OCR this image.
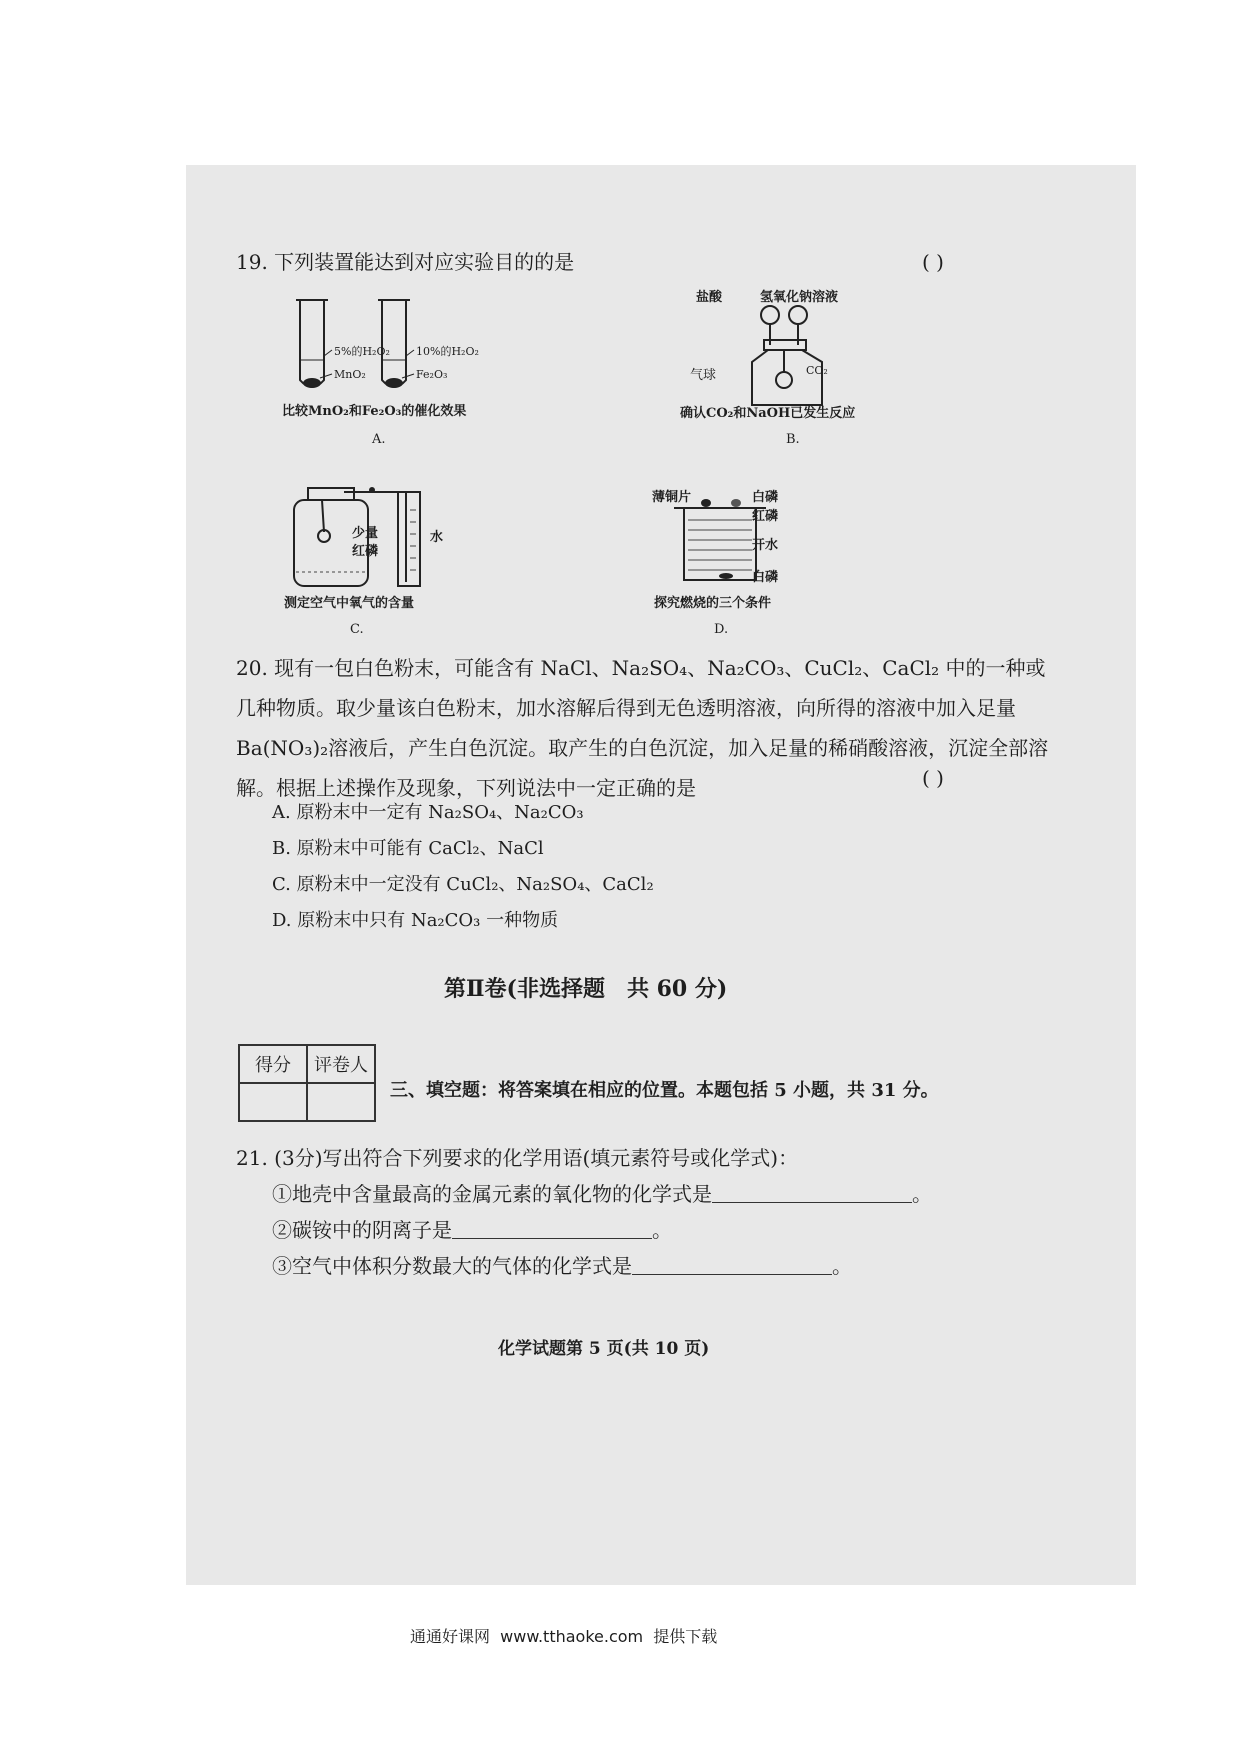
19. 下列装置能达到对应实验目的的是	( )
5%的H₂O₂
MnO₂
10%的H₂O₂
Fe₂O₃
比较MnO₂和Fe₂O₃的催化效果
A.
盐酸	氢氧化钠溶液
气球	CO₂
确认CO₂和NaOH已发生反应
B.
少量
红磷
水
测定空气中氧气的含量
C.
薄铜片	白磷
红磷
开水
白磷
探究燃烧的三个条件
D.
20. 现有一包白色粉末，可能含有 NaCl、Na₂SO₄、Na₂CO₃、CuCl₂、CaCl₂ 中的一种或几种物质。取少量该白色粉末，加水溶解后得到无色透明溶液，向所得的溶液中加入足量Ba(NO₃)₂溶液后，产生白色沉淀。取产生的白色沉淀，加入足量的稀硝酸溶液，沉淀全部溶解。根据上述操作及现象，下列说法中一定正确的是	( )
A. 原粉末中一定有 Na₂SO₄、Na₂CO₃
B. 原粉末中可能有 CaCl₂、NaCl
C. 原粉末中一定没有 CuCl₂、Na₂SO₄、CaCl₂
D. 原粉末中只有 Na₂CO₃ 一种物质
第Ⅱ卷(非选择题　共 60 分)
得分	评卷人

三、填空题：将答案填在相应的位置。本题包括 5 小题，共 31 分。
21. (3分)写出符合下列要求的化学用语(填元素符号或化学式)：
①地壳中含量最高的金属元素的氧化物的化学式是	。
②碳铵中的阴离子是	。
③空气中体积分数最大的气体的化学式是	。
化学试题第 5 页(共 10 页)
通通好课网  www.tthaoke.com  提供下载
